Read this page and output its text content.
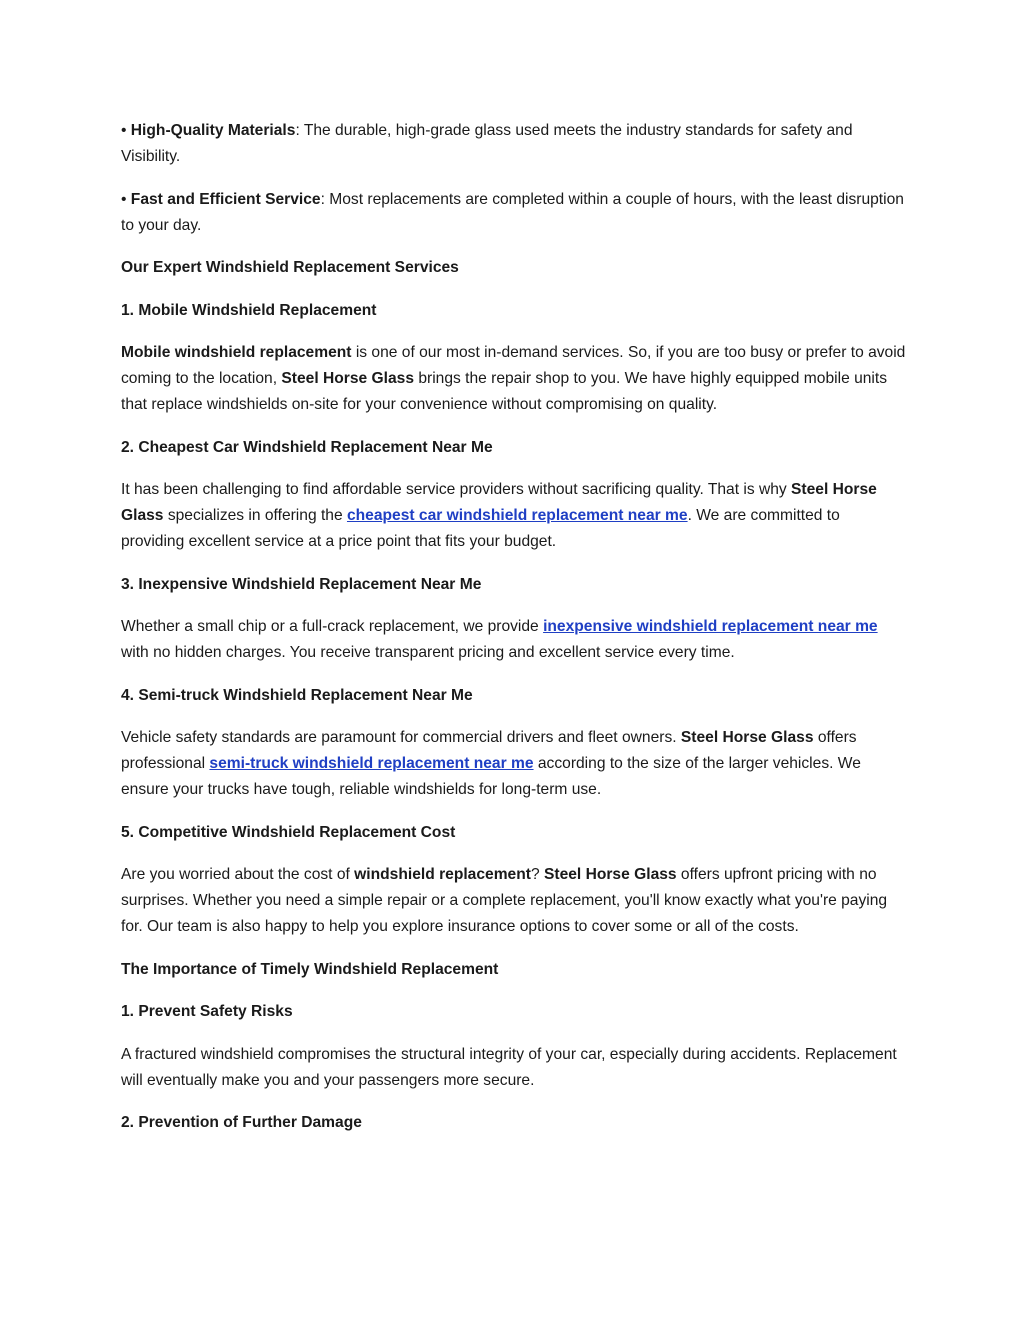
• High-Quality Materials: The durable, high-grade glass used meets the industry standards for safety and Visibility.

• Fast and Efficient Service: Most replacements are completed within a couple of hours, with the least disruption to your day.

Our Expert Windshield Replacement Services

1. Mobile Windshield Replacement

Mobile windshield replacement is one of our most in-demand services. So, if you are too busy or prefer to avoid coming to the location, Steel Horse Glass brings the repair shop to you. We have highly equipped mobile units that replace windshields on-site for your convenience without compromising on quality.

2. Cheapest Car Windshield Replacement Near Me

It has been challenging to find affordable service providers without sacrificing quality. That is why Steel Horse Glass specializes in offering the cheapest car windshield replacement near me. We are committed to providing excellent service at a price point that fits your budget.

3. Inexpensive Windshield Replacement Near Me

Whether a small chip or a full-crack replacement, we provide inexpensive windshield replacement near me with no hidden charges. You receive transparent pricing and excellent service every time.

4. Semi-truck Windshield Replacement Near Me

Vehicle safety standards are paramount for commercial drivers and fleet owners. Steel Horse Glass offers professional semi-truck windshield replacement near me according to the size of the larger vehicles. We ensure your trucks have tough, reliable windshields for long-term use.

5. Competitive Windshield Replacement Cost

Are you worried about the cost of windshield replacement? Steel Horse Glass offers upfront pricing with no surprises. Whether you need a simple repair or a complete replacement, you'll know exactly what you're paying for. Our team is also happy to help you explore insurance options to cover some or all of the costs.

The Importance of Timely Windshield Replacement

1. Prevent Safety Risks

A fractured windshield compromises the structural integrity of your car, especially during accidents. Replacement will eventually make you and your passengers more secure.

2. Prevention of Further Damage
